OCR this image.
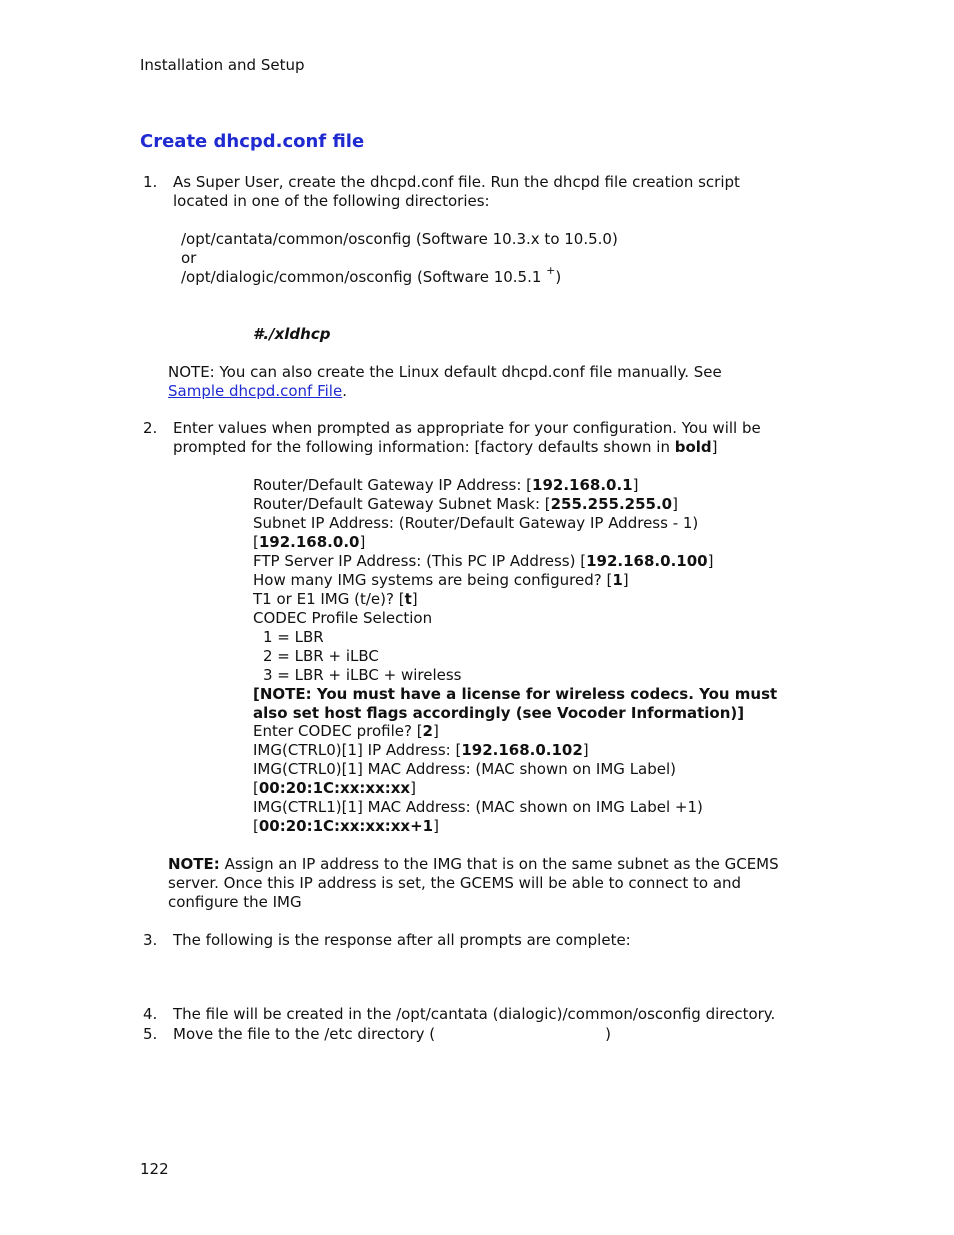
Installation and Setup
Create dhcpd.conf file
1. As Super User, create the dhcpd.conf file. Run the dhcpd file creation script
located in one of the following directories:
/opt/cantata/common/osconfig (Software 10.3.x to 10.5.0)
or
/opt/dialogic/common/osconfig (Software 10.5.1 +)
#./xldhcp
NOTE: You can also create the Linux default dhcpd.conf file manually. See
Sample dhcpd.conf File.
2. Enter values when prompted as appropriate for your configuration. You will be
prompted for the following information: [factory defaults shown in bold]
Router/Default Gateway IP Address: [192.168.0.1]
Router/Default Gateway Subnet Mask: [255.255.255.0]
Subnet IP Address: (Router/Default Gateway IP Address - 1)
[192.168.0.0]
FTP Server IP Address: (This PC IP Address) [192.168.0.100]
How many IMG systems are being configured? [1]
T1 or E1 IMG (t/e)? [t]
CODEC Profile Selection
1 = LBR
2 = LBR + iLBC
3 = LBR + iLBC + wireless
[NOTE: You must have a license for wireless codecs. You must
also set host flags accordingly (see Vocoder Information)]
Enter CODEC profile? [2]
IMG(CTRL0)[1] IP Address: [192.168.0.102]
IMG(CTRL0)[1] MAC Address: (MAC shown on IMG Label)
[00:20:1C:xx:xx:xx]
IMG(CTRL1)[1] MAC Address: (MAC shown on IMG Label +1)
[00:20:1C:xx:xx:xx+1]
NOTE: Assign an IP address to the IMG that is on the same subnet as the GCEMS
server. Once this IP address is set, the GCEMS will be able to connect to and
configure the IMG
3. The following is the response after all prompts are complete:
4. The file will be created in the /opt/cantata (dialogic)/common/osconfig directory.
5. Move the file to the /etc directory (	)
122
